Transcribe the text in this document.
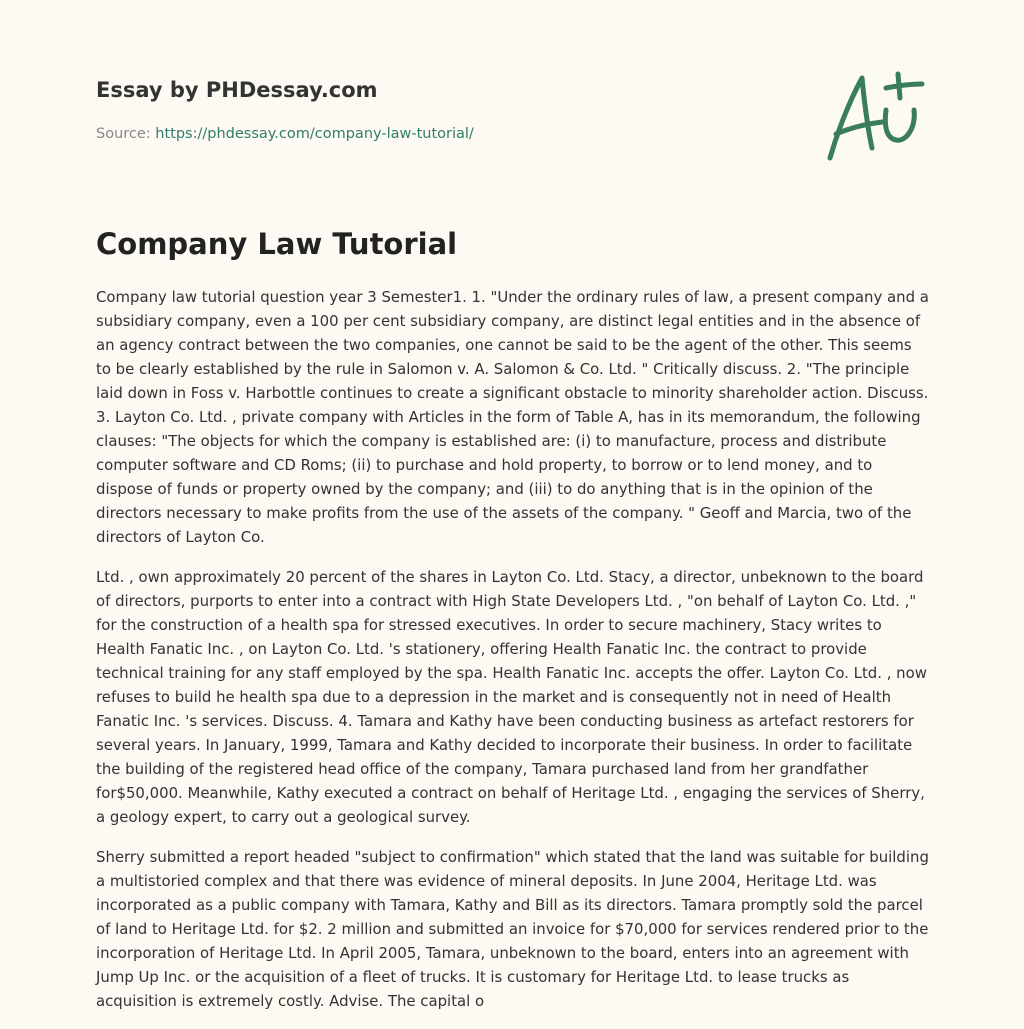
Essay by PHDessay.com
Source: https://phdessay.com/company-law-tutorial/
Company Law Tutorial

Company law tutorial question year 3 Semester1. 1. "Under the ordinary rules of law, a present company and a subsidiary company, even a 100 per cent subsidiary company, are distinct legal entities and in the absence of an agency contract between the two companies, one cannot be said to be the agent of the other. This seems to be clearly established by the rule in Salomon v. A. Salomon & Co. Ltd. " Critically discuss. 2. "The principle laid down in Foss v. Harbottle continues to create a significant obstacle to minority shareholder action. Discuss. 3. Layton Co. Ltd. , private company with Articles in the form of Table A, has in its memorandum, the following clauses: "The objects for which the company is established are: (i) to manufacture, process and distribute computer software and CD Roms; (ii) to purchase and hold property, to borrow or to lend money, and to dispose of funds or property owned by the company; and (iii) to do anything that is in the opinion of the directors necessary to make profits from the use of the assets of the company. " Geoff and Marcia, two of the directors of Layton Co.

Ltd. , own approximately 20 percent of the shares in Layton Co. Ltd. Stacy, a director, unbeknown to the board of directors, purports to enter into a contract with High State Developers Ltd. , "on behalf of Layton Co. Ltd. ," for the construction of a health spa for stressed executives. In order to secure machinery, Stacy writes to Health Fanatic Inc. , on Layton Co. Ltd. 's stationery, offering Health Fanatic Inc. the contract to provide technical training for any staff employed by the spa. Health Fanatic Inc. accepts the offer. Layton Co. Ltd. , now refuses to build he health spa due to a depression in the market and is consequently not in need of Health Fanatic Inc. 's services. Discuss. 4. Tamara and Kathy have been conducting business as artefact restorers for several years. In January, 1999, Tamara and Kathy decided to incorporate their business. In order to facilitate the building of the registered head office of the company, Tamara purchased land from her grandfather for$50,000. Meanwhile, Kathy executed a contract on behalf of Heritage Ltd. , engaging the services of Sherry, a geology expert, to carry out a geological survey.

Sherry submitted a report headed "subject to confirmation" which stated that the land was suitable for building a multistoried complex and that there was evidence of mineral deposits. In June 2004, Heritage Ltd. was incorporated as a public company with Tamara, Kathy and Bill as its directors. Tamara promptly sold the parcel of land to Heritage Ltd. for $2. 2 million and submitted an invoice for $70,000 for services rendered prior to the incorporation of Heritage Ltd. In April 2005, Tamara, unbeknown to the board, enters into an agreement with Jump Up Inc. or the acquisition of a fleet of trucks. It is customary for Heritage Ltd. to lease trucks as acquisition is extremely costly. Advise. The capital o
